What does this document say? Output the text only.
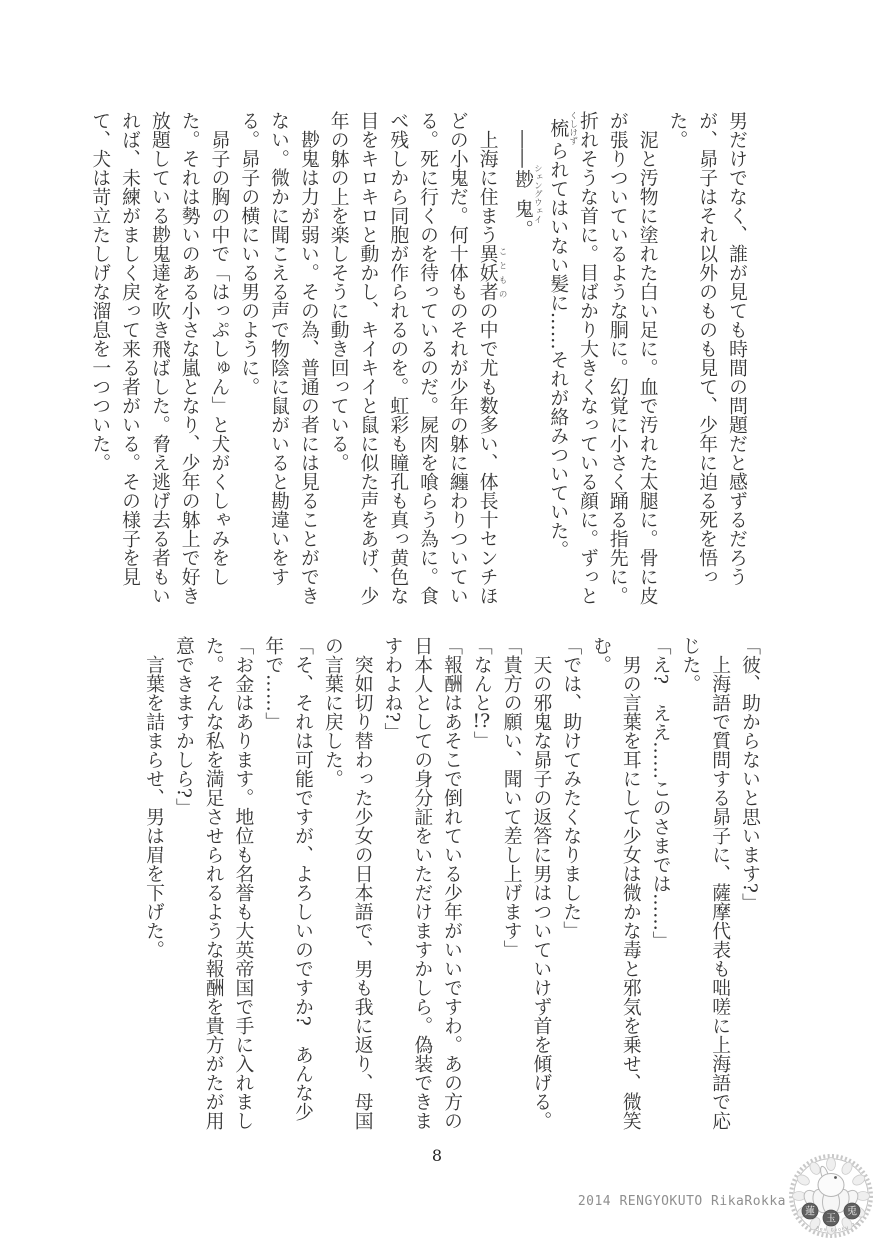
男だけでなく、誰が見ても時間の問題だと感ずるだろうが、昴子はそれ以外のものも見て、少年に迫る死を悟った。

泥と汚物に塗れた白い足に。血で汚れた太腿に。骨に皮が張りついているような胴に。幻覚に小さく踊る指先に。折れそうな首に。目ばかり大きくなっている顔に。ずっと梳 くしけずられてはいない髪に……それが絡みついていた。

――尠鬼 シェングウェイ。

上海に住まう異妖者 ことものの中で尤も数多い、体長十センチほどの小鬼だ。何十体ものそれが少年の躰に纏わりついている。死に行くのを待っているのだ。屍肉を喰らう為に。食べ残しから同胞が作られるのを。虹彩も瞳孔も真っ黄色な目をキロキロと動かし、キイキイと鼠に似た声をあげ、少年の躰の上を楽しそうに動き回っている。

尠鬼は力が弱い。その為、普通の者には見ることができない。微かに聞こえる声で物陰に鼠がいると勘違いをする。昴子の横にいる男のように。

昴子の胸の中で「はっぷしゅん」と犬がくしゃみをした。それは勢いのある小さな嵐となり、少年の躰上で好き放題している尠鬼達を吹き飛ばした。脅え逃げ去る者もいれば、未練がましく戻って来る者がいる。その様子を見て、犬は苛立たしげな溜息を一つついた。

「彼、助からないと思います?」

上海語で質問する昴子に、薩摩代表も咄嗟に上海語で応じた。

「え?　ええ……このさまでは……」

男の言葉を耳にして少女は微かな毒と邪気を乗せ、微笑む。

「では、助けてみたくなりました」

天の邪鬼な昴子の返答に男はついていけず首を傾げる。

「貴方の願い、聞いて差し上げます」

「なんと!?」

「報酬はあそこで倒れている少年がいいですわ。あの方の日本人としての身分証をいただけますかしら。偽装できますわよね?」

突如切り替わった少女の日本語で、男も我に返り、母国の言葉に戻した。

「そ、それは可能ですが、よろしいのですか?　あんな少年で……」

「お金はあります。地位も名誉も大英帝国で手に入れました。そんな私を満足させられるような報酬を貴方がたが用意できますかしら?」

言葉を詰まらせ、男は眉を下げた。

8
2014 RENGYOKUTO RikaRokka
蓮
玉
兎
Ren Gyoku To
